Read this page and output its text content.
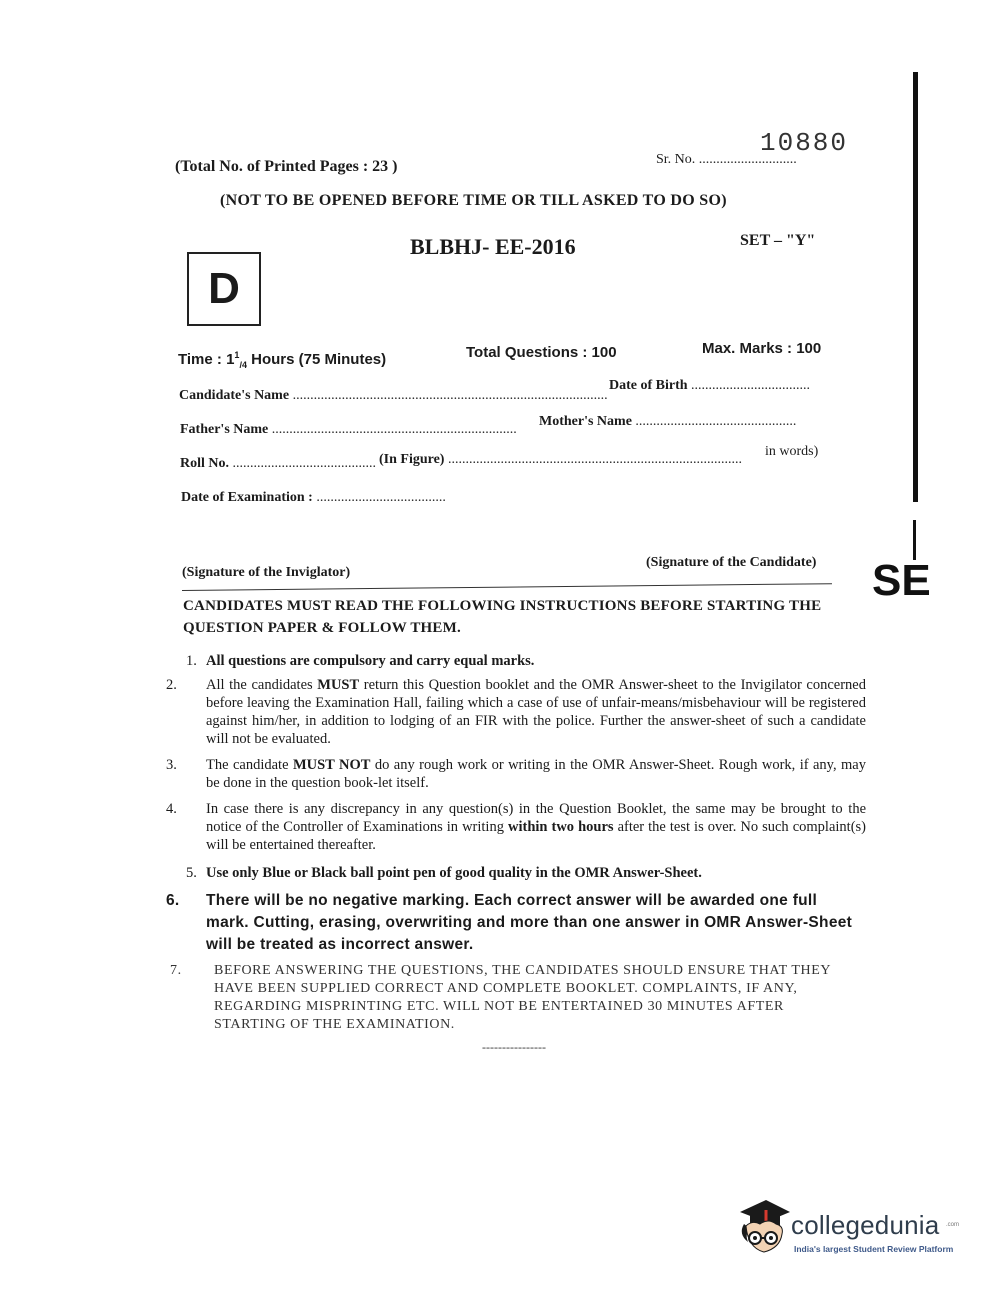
SE
10880
Sr. No. ............................
(Total No. of Printed Pages : 23 )
(NOT TO BE OPENED BEFORE TIME OR TILL ASKED TO DO SO)
BLBHJ- EE-2016	SET – "Y"
D
Time : $1^1_{/4}$ Hours (75 Minutes)	Total Questions : 100	Max. Marks : 100
Candidate's Name ..........................................................................................
Date of Birth ..................................
Father's Name ......................................................................
Mother's Name ..............................................
Roll No. ......................................... (In Figure) ....................................................................................
in words)
Date of Examination : .....................................
(Signature of the Inviglator)
(Signature of the Candidate)
CANDIDATES MUST READ THE FOLLOWING INSTRUCTIONS BEFORE STARTING THE QUESTION PAPER & FOLLOW THEM.
1. All questions are compulsory and carry equal marks.
2. All the candidates MUST return this Question booklet and the OMR Answer-sheet to the Invigilator concerned before leaving the Examination Hall, failing which a case of use of unfair-means/misbehaviour will be registered against him/her, in addition to lodging of an FIR with the police. Further the answer-sheet of such a candidate will not be evaluated.
3. The candidate MUST NOT do any rough work or writing in the OMR Answer-Sheet. Rough work, if any, may be done in the question book-let itself.
4. In case there is any discrepancy in any question(s) in the Question Booklet, the same may be brought to the notice of the Controller of Examinations in writing within two hours after the test is over. No such complaint(s) will be entertained thereafter.
5. Use only Blue or Black ball point pen of good quality in the OMR Answer-Sheet.
6. There will be no negative marking. Each correct answer will be awarded one full mark. Cutting, erasing, overwriting and more than one answer in OMR Answer-Sheet will be treated as incorrect answer.
7. BEFORE ANSWERING THE QUESTIONS, THE CANDIDATES SHOULD ENSURE THAT THEY HAVE BEEN SUPPLIED CORRECT AND COMPLETE BOOKLET. COMPLAINTS, IF ANY, REGARDING MISPRINTING ETC. WILL NOT BE ENTERTAINED 30 MINUTES AFTER STARTING OF THE EXAMINATION.
----------------
collegedunia .com
India's largest Student Review Platform
